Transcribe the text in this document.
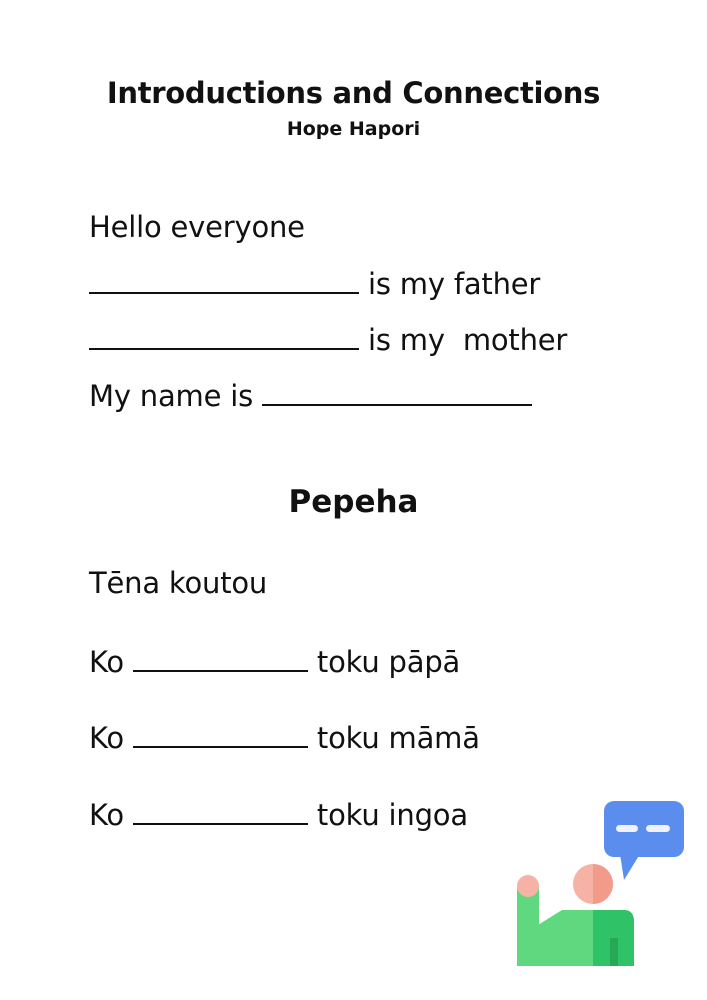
Introductions and Connections
Hope Hapori
Hello everyone
is my father
is my  mother
My name is
Pepeha
Tēna koutou
Ko	toku pāpā
Ko	toku māmā
Ko	toku ingoa
